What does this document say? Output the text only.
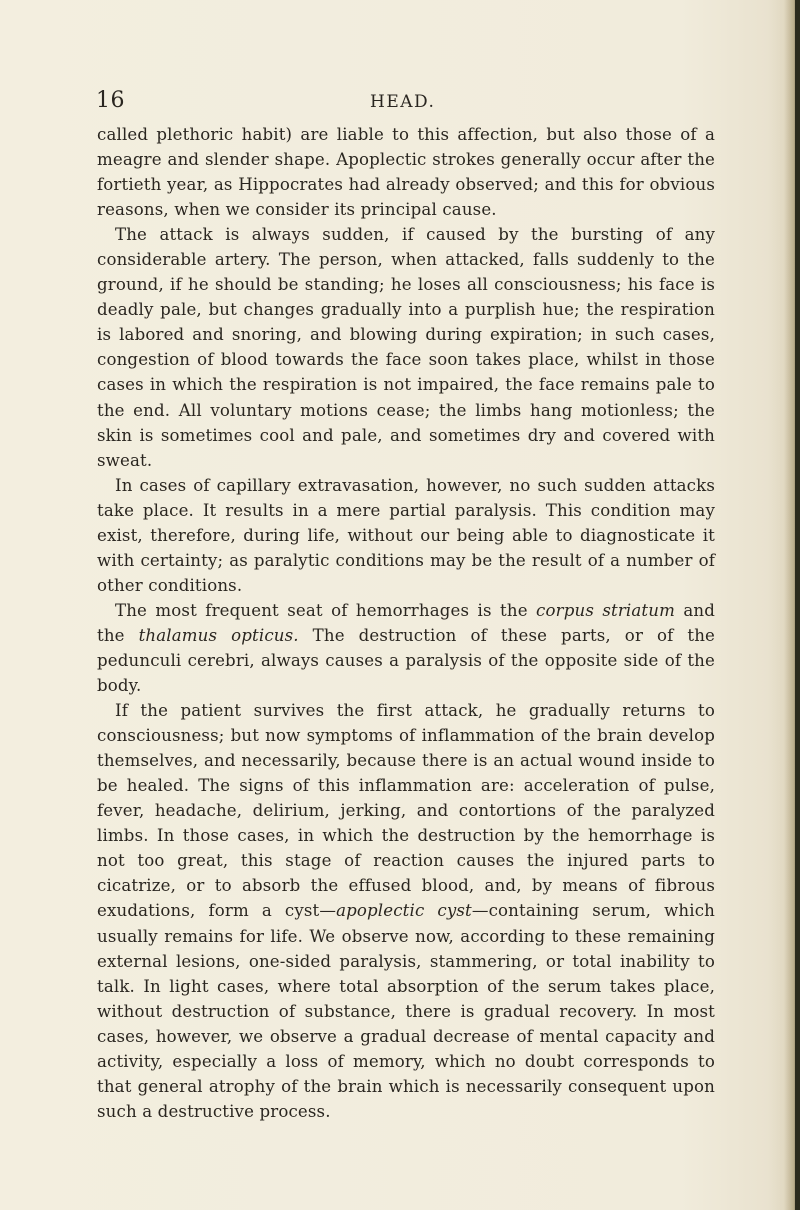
16	HEAD.

called plethoric habit) are liable to this affection, but also those of a meagre and slender shape. Apoplectic strokes generally occur after the fortieth year, as Hippocrates had already observed; and this for obvious reasons, when we consider its principal cause.

The attack is always sudden, if caused by the bursting of any considerable artery. The person, when attacked, falls suddenly to the ground, if he should be standing; he loses all consciousness; his face is deadly pale, but changes gradually into a purplish hue; the respiration is labored and snoring, and blowing during expiration; in such cases, congestion of blood towards the face soon takes place, whilst in those cases in which the respiration is not impaired, the face remains pale to the end. All voluntary motions cease; the limbs hang motionless; the skin is sometimes cool and pale, and sometimes dry and covered with sweat.

In cases of capillary extravasation, however, no such sudden attacks take place. It results in a mere partial paralysis. This condition may exist, therefore, during life, without our being able to diagnosticate it with certainty; as paralytic conditions may be the result of a number of other conditions.

The most frequent seat of hemorrhages is the corpus striatum and the thalamus opticus. The destruction of these parts, or of the pedunculi cerebri, always causes a paralysis of the opposite side of the body.

If the patient survives the first attack, he gradually returns to consciousness; but now symptoms of inflammation of the brain develop themselves, and necessarily, because there is an actual wound inside to be healed. The signs of this inflammation are: acceleration of pulse, fever, headache, delirium, jerking, and contortions of the paralyzed limbs. In those cases, in which the destruction by the hemorrhage is not too great, this stage of reaction causes the injured parts to cicatrize, or to absorb the effused blood, and, by means of fibrous exudations, form a cyst—apoplectic cyst—containing serum, which usually remains for life. We observe now, according to these remaining external lesions, one-sided paralysis, stammering, or total inability to talk. In light cases, where total absorption of the serum takes place, without destruction of substance, there is gradual recovery. In most cases, however, we observe a gradual decrease of mental capacity and activity, especially a loss of memory, which no doubt corresponds to that general atrophy of the brain which is necessarily consequent upon such a destructive process.
